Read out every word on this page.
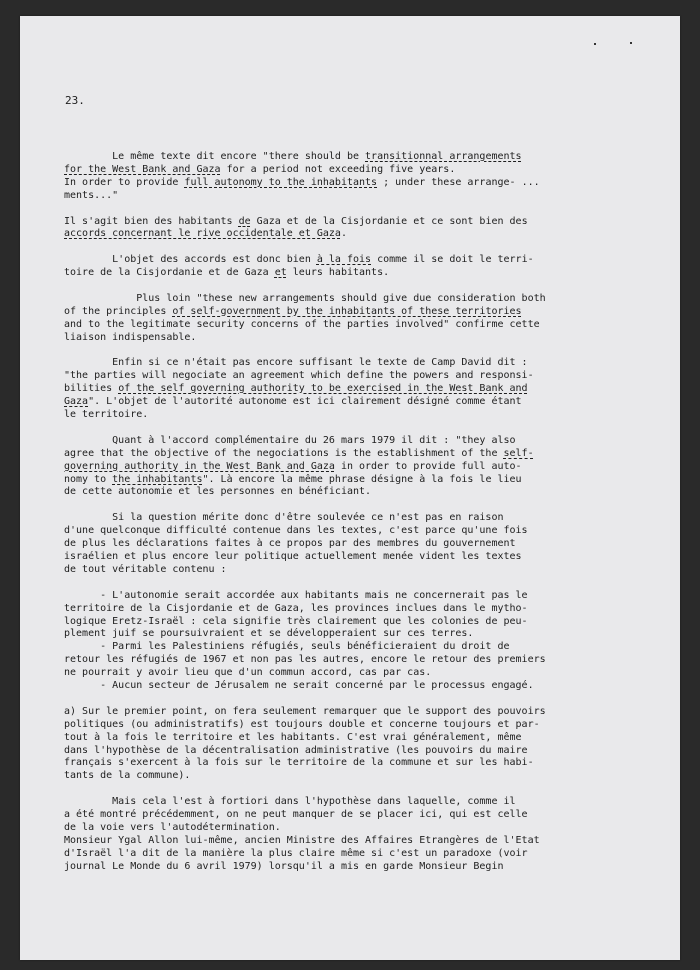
23.
Le même texte dit encore "there should be transitionnal arrangements
for the West Bank and Gaza for a period not exceeding five years.
In order to provide full autonomy to the inhabitants ; under these arrange- ...
ments..."
Il s'agit bien des habitants de Gaza et de la Cisjordanie et ce sont bien des
accords concernant le rive occidentale et Gaza.
L'objet des accords est donc bien à la fois comme il se doit le terri-
toire de la Cisjordanie et de Gaza et leurs habitants.
Plus loin "these new arrangements should give due consideration both
of the principles of self-government by the inhabitants of these territories
and to the legitimate security concerns of the parties involved" confirme cette
liaison indispensable.
Enfin si ce n'était pas encore suffisant le texte de Camp David dit :
"the parties will negociate an agreement which define the powers and responsi-
bilities of the self governing authority to be exercised in the West Bank and
Gaza". L'objet de l'autorité autonome est ici clairement désigné comme étant
le territoire.
Quant à l'accord complémentaire du 26 mars 1979 il dit : "they also
agree that the objective of the negociations is the establishment of the self-
governing authority in the West Bank and Gaza in order to provide full auto-
nomy to the inhabitants". Là encore la même phrase désigne à la fois le lieu
de cette autonomie et les personnes en bénéficiant.
Si la question mérite donc d'être soulevée ce n'est pas en raison
d'une quelconque difficulté contenue dans les textes, c'est parce qu'une fois
de plus les déclarations faites à ce propos par des membres du gouvernement
israélien et plus encore leur politique actuellement menée vident les textes
de tout véritable contenu :
- L'autonomie serait accordée aux habitants mais ne concernerait pas le
territoire de la Cisjordanie et de Gaza, les provinces inclues dans le mytho-
logique Eretz-Israël : cela signifie très clairement que les colonies de peu-
plement juif se poursuivraient et se développeraient sur ces terres.
- Parmi les Palestiniens réfugiés, seuls bénéficieraient du droit de
retour les réfugiés de 1967 et non pas les autres, encore le retour des premiers
ne pourrait y avoir lieu que d'un commun accord, cas par cas.
- Aucun secteur de Jérusalem ne serait concerné par le processus engagé.
a) Sur le premier point, on fera seulement remarquer que le support des pouvoirs
politiques (ou administratifs) est toujours double et concerne toujours et par-
tout à la fois le territoire et les habitants. C'est vrai généralement, même
dans l'hypothèse de la décentralisation administrative (les pouvoirs du maire
français s'exercent à la fois sur le territoire de la commune et sur les habi-
tants de la commune).
Mais cela l'est à fortiori dans l'hypothèse dans laquelle, comme il
a été montré précédemment, on ne peut manquer de se placer ici, qui est celle
de la voie vers l'autodétermination.
Monsieur Ygal Allon lui-même, ancien Ministre des Affaires Etrangères de l'Etat
d'Israël l'a dit de la manière la plus claire même si c'est un paradoxe (voir
journal Le Monde du 6 avril 1979) lorsqu'il a mis en garde Monsieur Begin
